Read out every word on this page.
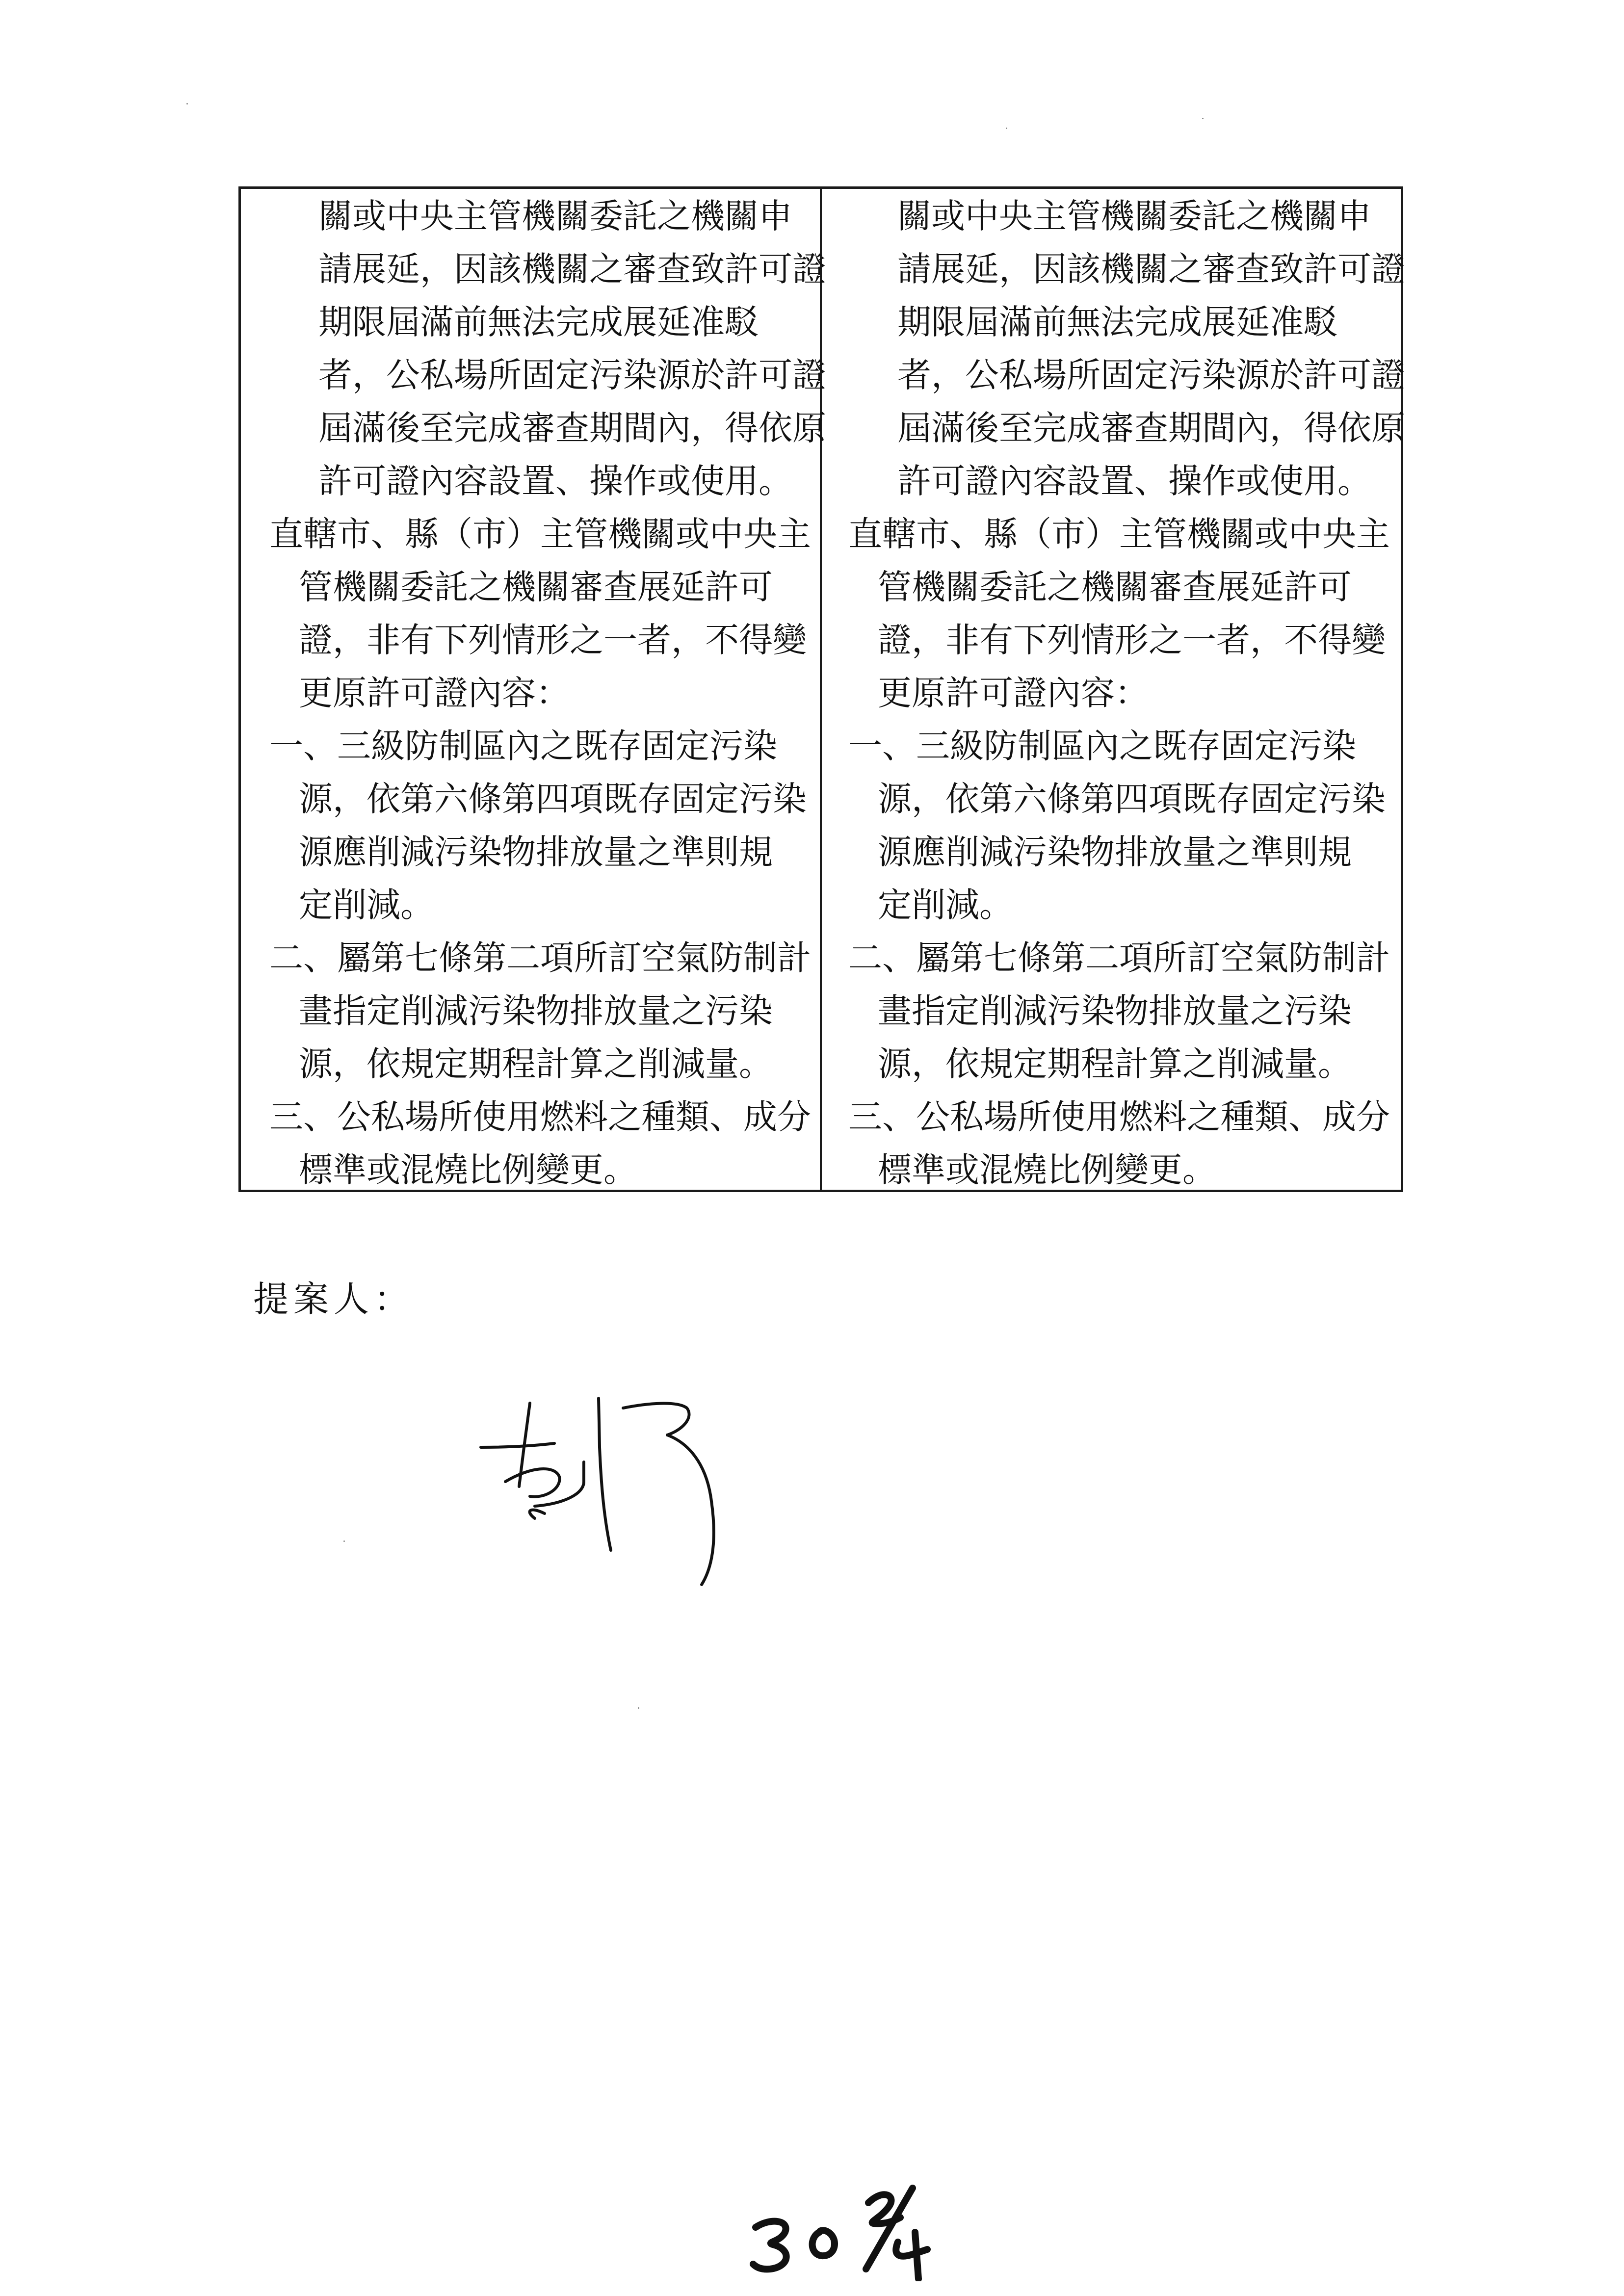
關或中央主管機關委託之機關申
請展延，因該機關之審查致許可證
期限屆滿前無法完成展延准駁
者，公私場所固定污染源於許可證
屆滿後至完成審查期間內，得依原
許可證內容設置、操作或使用。
直轄市、縣（市）主管機關或中央主
管機關委託之機關審查展延許可
證，非有下列情形之一者，不得變
更原許可證內容：
一、三級防制區內之既存固定污染
源，依第六條第四項既存固定污染
源應削減污染物排放量之準則規
定削減。
二、屬第七條第二項所訂空氣防制計
畫指定削減污染物排放量之污染
源，依規定期程計算之削減量。
三、公私場所使用燃料之種類、成分
標準或混燒比例變更。
關或中央主管機關委託之機關申
請展延，因該機關之審查致許可證
期限屆滿前無法完成展延准駁
者，公私場所固定污染源於許可證
屆滿後至完成審查期間內，得依原
許可證內容設置、操作或使用。
直轄市、縣（市）主管機關或中央主
管機關委託之機關審查展延許可
證，非有下列情形之一者，不得變
更原許可證內容：
一、三級防制區內之既存固定污染
源，依第六條第四項既存固定污染
源應削減污染物排放量之準則規
定削減。
二、屬第七條第二項所訂空氣防制計
畫指定削減污染物排放量之污染
源，依規定期程計算之削減量。
三、公私場所使用燃料之種類、成分
標準或混燒比例變更。
提案人：
